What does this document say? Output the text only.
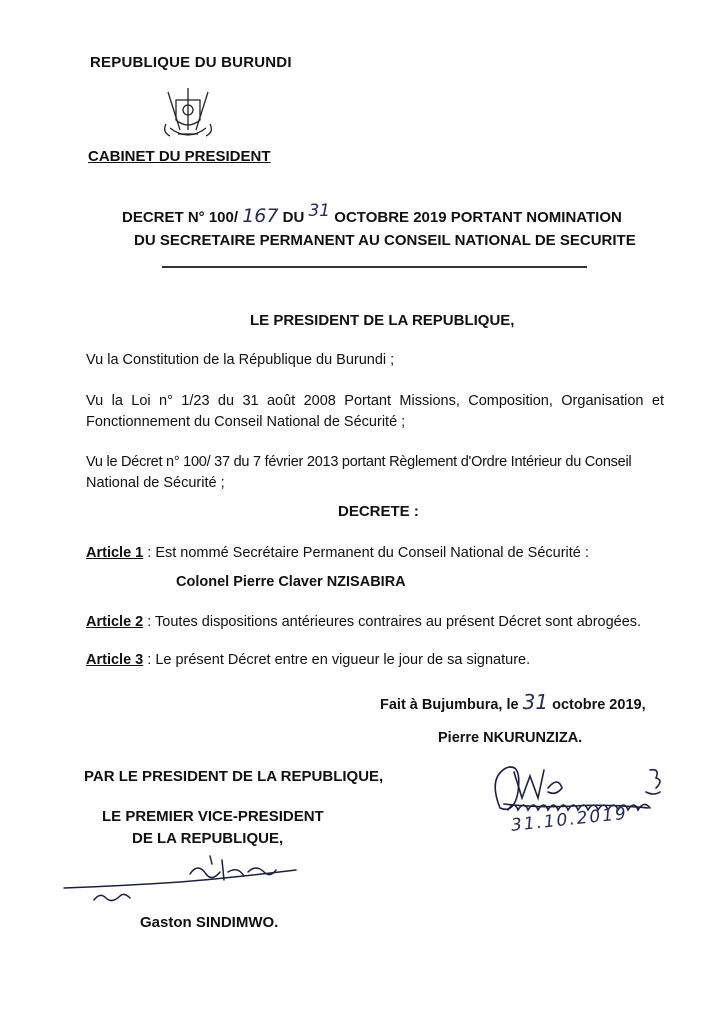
REPUBLIQUE DU BURUNDI
CABINET DU PRESIDENT
DECRET N° 100/ 167 DU 31 OCTOBRE 2019 PORTANT NOMINATION
DU SECRETAIRE PERMANENT AU CONSEIL NATIONAL DE SECURITE
LE PRESIDENT DE LA REPUBLIQUE,
Vu la Constitution de la République du Burundi ;
Vu la Loi n° 1/23 du 31 août 2008 Portant Missions, Composition, Organisation et
Fonctionnement du Conseil National de Sécurité ;
Vu le Décret n° 100/ 37 du 7 février 2013 portant Règlement d'Ordre Intérieur du Conseil
National de Sécurité ;
DECRETE :
Article 1 : Est nommé Secrétaire Permanent du Conseil National de Sécurité :
Colonel Pierre Claver NZISABIRA
Article 2 : Toutes dispositions antérieures contraires au présent Décret sont abrogées.
Article 3 : Le présent Décret entre en vigueur le jour de sa signature.
Fait à Bujumbura, le 31 octobre 2019,
Pierre NKURUNZIZA.
31.10.2019
PAR LE PRESIDENT DE LA REPUBLIQUE,
LE PREMIER VICE-PRESIDENT
DE LA REPUBLIQUE,
Gaston SINDIMWO.
